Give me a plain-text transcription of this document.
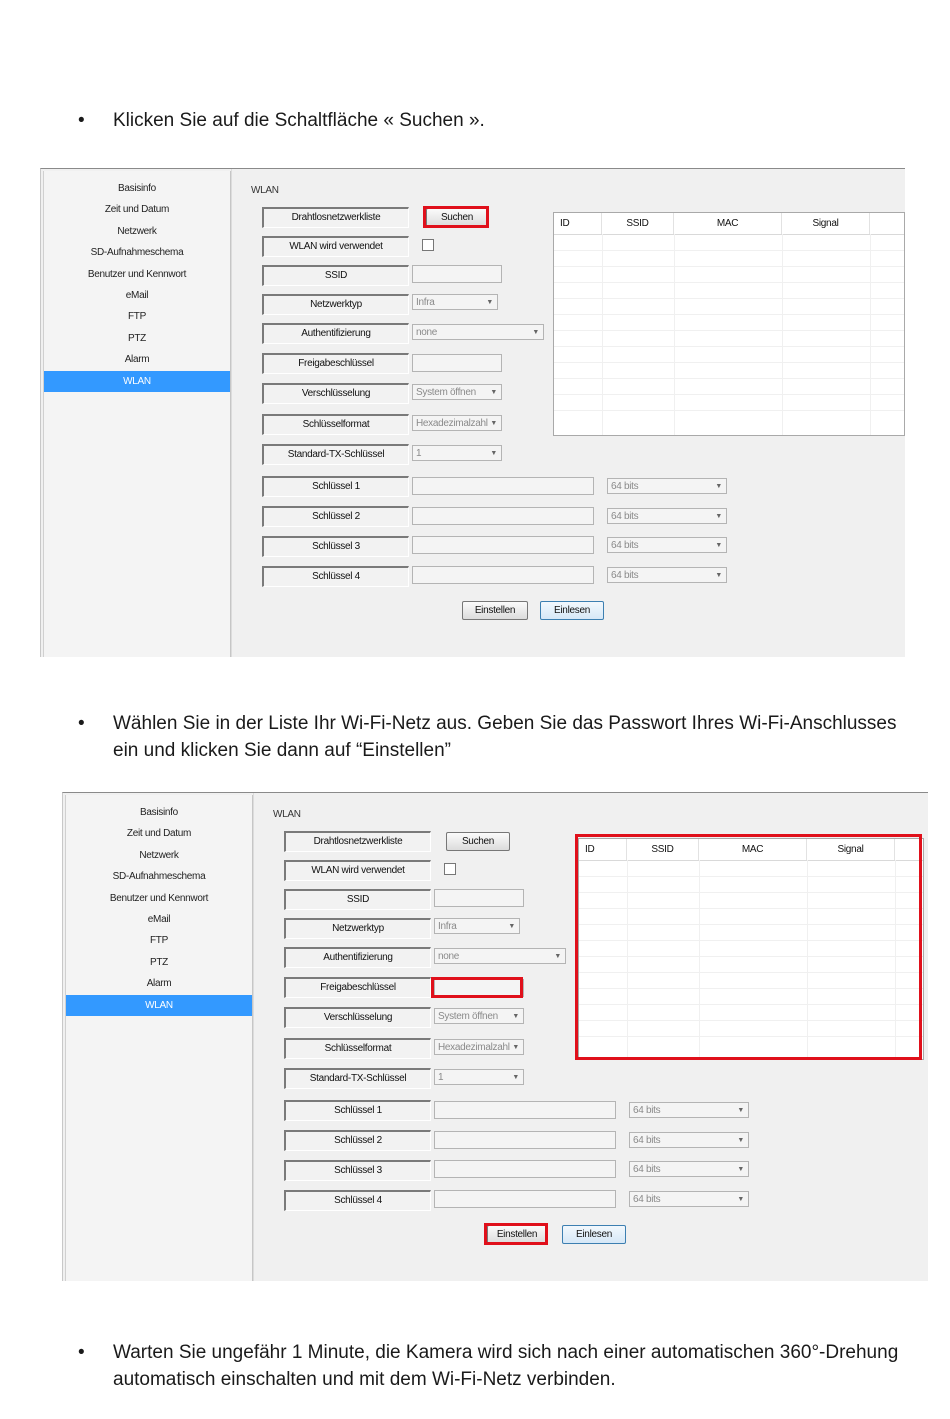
• Klicken Sie auf die Schaltfläche « Suchen ».
Basisinfo
Zeit und Datum
Netzwerk
SD-Aufnahmeschema
Benutzer und Kennwort
eMail
FTP
PTZ
Alarm
WLAN
WLAN
Drahtlosnetzwerkliste	Suchen
WLAN wird verwendet
SSID
Netzwerktyp	Infra	▼
Authentifizierung	none	▼
Freigabeschlüssel
Verschlüsselung	System öffnen ▼
Schlüsselformat	Hexadezimalzahl ▼
Standard-TX-Schlüssel	1	▼
Schlüssel 1	64 bits	▼
Schlüssel 2	64 bits	▼
Schlüssel 3	64 bits	▼
Schlüssel 4	64 bits	▼
Einstellen	Einlesen
ID	SSID	MAC	Signal
• Wählen Sie in der Liste Ihr Wi-Fi-Netz aus. Geben Sie das Passwort Ihres Wi-Fi-Anschlusses ein und klicken Sie dann auf “Einstellen”
Basisinfo
Zeit und Datum
Netzwerk
SD-Aufnahmeschema
Benutzer und Kennwort
eMail
FTP
PTZ
Alarm
WLAN
WLAN
Drahtlosnetzwerkliste	Suchen
WLAN wird verwendet
SSID
Netzwerktyp	Infra	▼
Authentifizierung	none	▼
Freigabeschlüssel
Verschlüsselung	System öffnen ▼
Schlüsselformat	Hexadezimalzahl ▼
Standard-TX-Schlüssel	1	▼
Schlüssel 1	64 bits	▼
Schlüssel 2	64 bits	▼
Schlüssel 3	64 bits	▼
Schlüssel 4	64 bits	▼
Einstellen	Einlesen
ID	SSID	MAC	Signal
• Warten Sie ungefähr 1 Minute, die Kamera wird sich nach einer automatischen 360°-Drehung automatisch einschalten und mit dem Wi-Fi-Netz verbinden.
